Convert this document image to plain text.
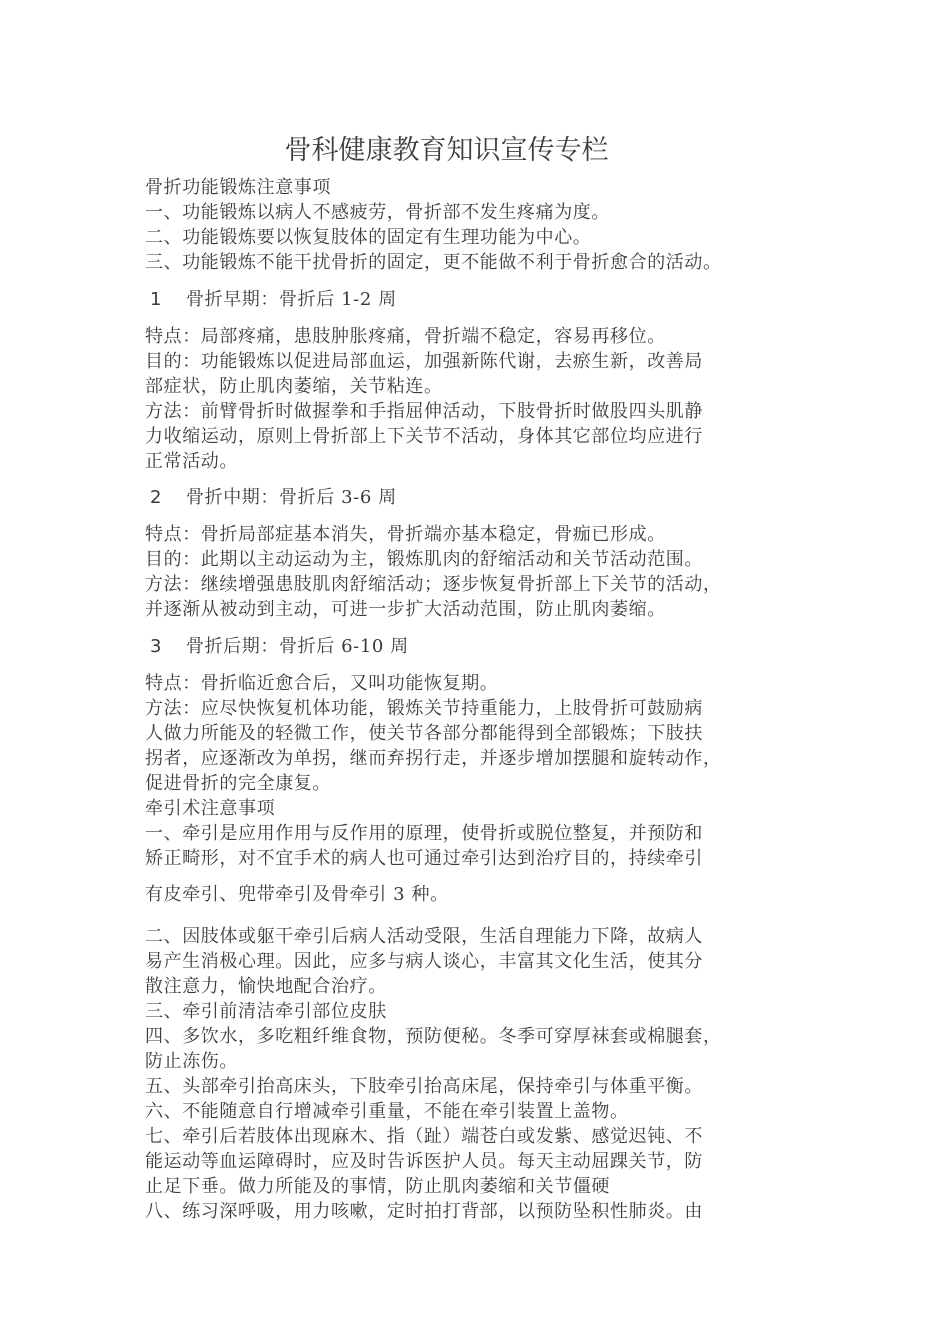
骨科健康教育知识宣传专栏
骨折功能锻炼注意事项
一、功能锻炼以病人不感疲劳，骨折部不发生疼痛为度。
二、功能锻炼要以恢复肢体的固定有生理功能为中心。
三、功能锻炼不能干扰骨折的固定，更不能做不利于骨折愈合的活动。
1 骨折早期：骨折后 1-2 周
特点：局部疼痛，患肢肿胀疼痛，骨折端不稳定，容易再移位。
目的：功能锻炼以促进局部血运，加强新陈代谢，去瘀生新，改善局
部症状，防止肌肉萎缩，关节粘连。
方法：前臂骨折时做握拳和手指屈伸活动，下肢骨折时做股四头肌静
力收缩运动，原则上骨折部上下关节不活动，身体其它部位均应进行
正常活动。
2 骨折中期：骨折后 3-6 周
特点：骨折局部症基本消失，骨折端亦基本稳定，骨痂已形成。
目的：此期以主动运动为主，锻炼肌肉的舒缩活动和关节活动范围。
方法：继续增强患肢肌肉舒缩活动；逐步恢复骨折部上下关节的活动，
并逐渐从被动到主动，可进一步扩大活动范围，防止肌肉萎缩。
3 骨折后期：骨折后 6-10 周
特点：骨折临近愈合后，又叫功能恢复期。
方法：应尽快恢复机体功能，锻炼关节持重能力，上肢骨折可鼓励病
人做力所能及的轻微工作，使关节各部分都能得到全部锻炼；下肢扶
拐者，应逐渐改为单拐，继而弃拐行走，并逐步增加摆腿和旋转动作，
促进骨折的完全康复。
牵引术注意事项
一、牵引是应用作用与反作用的原理，使骨折或脱位整复，并预防和
矫正畸形，对不宜手术的病人也可通过牵引达到治疗目的，持续牵引
有皮牵引、兜带牵引及骨牵引 3 种。
二、因肢体或躯干牵引后病人活动受限，生活自理能力下降，故病人
易产生消极心理。因此，应多与病人谈心，丰富其文化生活，使其分
散注意力，愉快地配合治疗。
三、牵引前清洁牵引部位皮肤
四、多饮水，多吃粗纤维食物，预防便秘。冬季可穿厚袜套或棉腿套，
防止冻伤。
五、头部牵引抬高床头，下肢牵引抬高床尾，保持牵引与体重平衡。
六、不能随意自行增减牵引重量，不能在牵引装置上盖物。
七、牵引后若肢体出现麻木、指（趾）端苍白或发紫、感觉迟钝、不
能运动等血运障碍时，应及时告诉医护人员。每天主动屈踝关节，防
止足下垂。做力所能及的事情，防止肌肉萎缩和关节僵硬
八、练习深呼吸，用力咳嗽，定时拍打背部，以预防坠积性肺炎。由
